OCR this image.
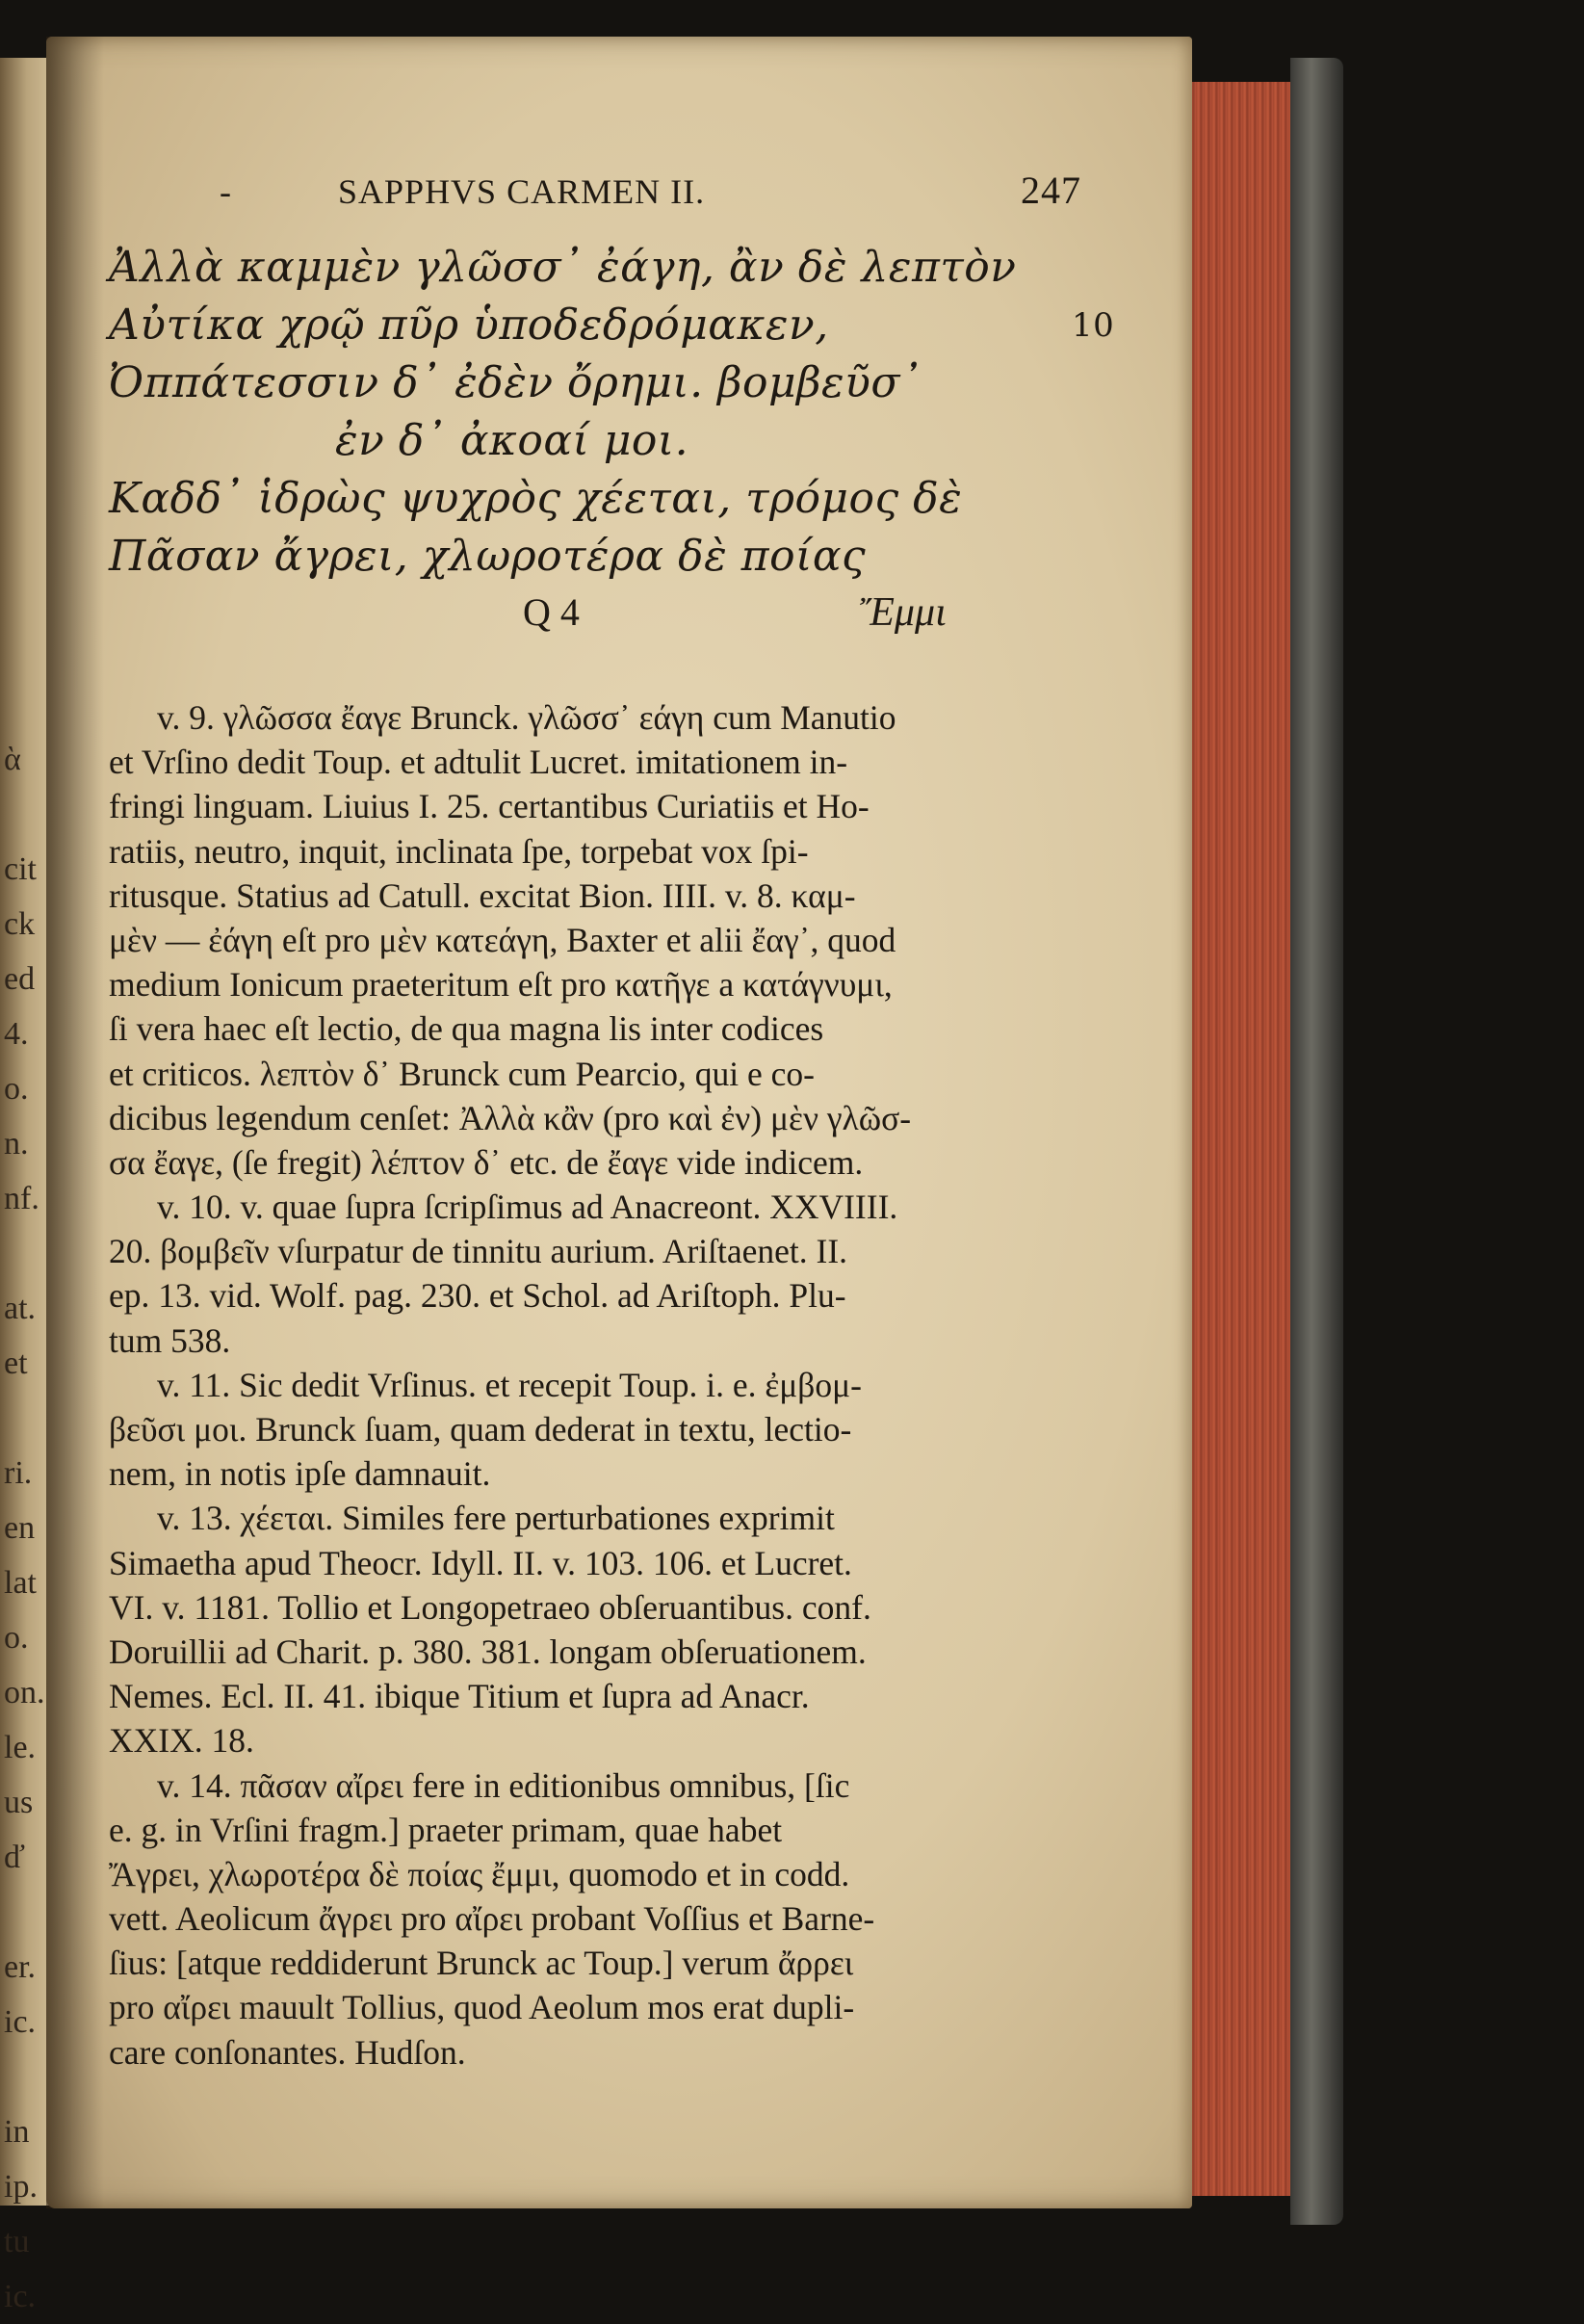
ὰ
cit
ck
ed
4.
o.
n.
nf.
at.
et
ri.
en
lat
o.
on.
le.
us
ď
er.
ic.
in
ip.
tu
ic.
-	SAPPHVS CARMEN II.	247
Ἀλλὰ καμμὲν γλῶσσ᾽ ἐάγη, ἂν δὲ λεπτὸν
Αὐτίκα χρῷ πῦρ ὑποδεδρόμακεν,	10
Ὀππάτεσσιν δ᾽ ἐδὲν ὄρημι. βομβεῦσ᾽
ἐν δ᾽ ἀκοαί μοι.
Καδδ᾽ ἱδρὼς ψυχρὸς χέεται, τρόμος δὲ
Πᾶσαν ἄγρει, χλωροτέρα δὲ ποίας
Q 4	Ἔμμι
v. 9. γλῶσσα ἔαγε Brunck. γλῶσσ᾽ εάγη cum Manutio
et Vrſino dedit Toup. et adtulit Lucret. imitationem in-
fringi linguam. Liuius I. 25. certantibus Curiatiis et Ho-
ratiis, neutro, inquit, inclinata ſpe, torpebat vox ſpi-
ritusque. Statius ad Catull. excitat Bion. IIII. v. 8. καμ-
μὲν — ἐάγη eſt pro μὲν κατεάγη, Baxter et alii ἔαγ᾽, quod
medium Ionicum praeteritum eſt pro κατῆγε a κατάγνυμι,
ſi vera haec eſt lectio, de qua magna lis inter codices
et criticos. λεπτὸν δ᾽ Brunck cum Pearcio, qui e co-
dicibus legendum cenſet: Ἀλλὰ κἂν (pro καὶ ἐν) μὲν γλῶσ-
σα ἔαγε, (ſe fregit) λέπτον δ᾽ etc. de ἔαγε vide indicem.
v. 10. v. quae ſupra ſcripſimus ad Anacreont. XXVIIII.
20. βομβεῖν vſurpatur de tinnitu aurium. Ariſtaenet. II.
ep. 13. vid. Wolf. pag. 230. et Schol. ad Ariſtoph. Plu-
tum 538.
v. 11. Sic dedit Vrſinus. et recepit Toup. i. e. ἐμβομ-
βεῦσι μοι. Brunck ſuam, quam dederat in textu, lectio-
nem, in notis ipſe damnauit.
v. 13. χέεται. Similes fere perturbationes exprimit
Simaetha apud Theocr. Idyll. II. v. 103. 106. et Lucret.
VI. v. 1181. Tollio et Longopetraeo obſeruantibus. conf.
Doruillii ad Charit. p. 380. 381. longam obſeruationem.
Nemes. Ecl. II. 41. ibique Titium et ſupra ad Anacr.
XXIX. 18.
v. 14. πᾶσαν αἴρει fere in editionibus omnibus, [ſic
e. g. in Vrſini fragm.] praeter primam, quae habet
Ἄγρει, χλωροτέρα δὲ ποίας ἔμμι, quomodo et in codd.
vett. Aeolicum ἄγρει pro αἴρει probant Voſſius et Barne-
ſius: [atque reddiderunt Brunck ac Toup.] verum ἄρρει
pro αἴρει mauult Tollius, quod Aeolum mos erat dupli-
care conſonantes. Hudſon.
